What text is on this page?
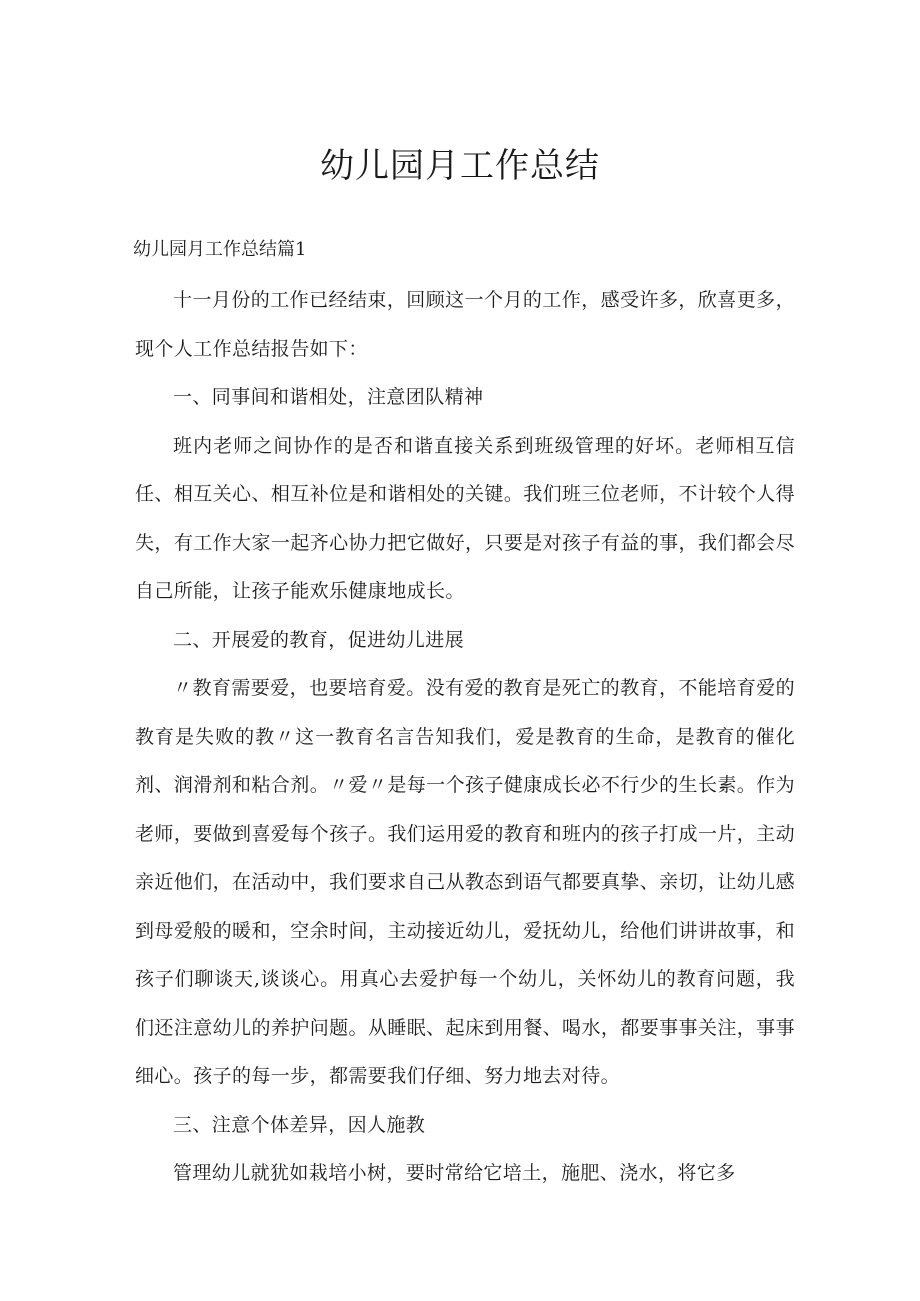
幼儿园月工作总结

幼儿园月工作总结篇1

十一月份的工作已经结束，回顾这一个月的工作，感受许多，欣喜更多，现个人工作总结报告如下：

一、同事间和谐相处，注意团队精神

班内老师之间协作的是否和谐直接关系到班级管理的好坏。老师相互信任、相互关心、相互补位是和谐相处的关键。我们班三位老师，不计较个人得失，有工作大家一起齐心协力把它做好，只要是对孩子有益的事，我们都会尽自己所能，让孩子能欢乐健康地成长。

二、开展爱的教育，促进幼儿进展

〃教育需要爱，也要培育爱。没有爱的教育是死亡的教育，不能培育爱的教育是失败的教〃这一教育名言告知我们，爱是教育的生命，是教育的催化剂、润滑剂和粘合剂。〃爱〃是每一个孩子健康成长必不行少的生长素。作为老师，要做到喜爱每个孩子。我们运用爱的教育和班内的孩子打成一片，主动亲近他们，在活动中，我们要求自己从教态到语气都要真挚、亲切，让幼儿感到母爱般的暖和，空余时间，主动接近幼儿，爱抚幼儿，给他们讲讲故事，和孩子们聊谈天,谈谈心。用真心去爱护每一个幼儿，关怀幼儿的教育问题，我们还注意幼儿的养护问题。从睡眠、起床到用餐、喝水，都要事事关注，事事细心。孩子的每一步，都需要我们仔细、努力地去对待。

三、注意个体差异，因人施教

管理幼儿就犹如栽培小树，要时常给它培土，施肥、浇水，将它多
